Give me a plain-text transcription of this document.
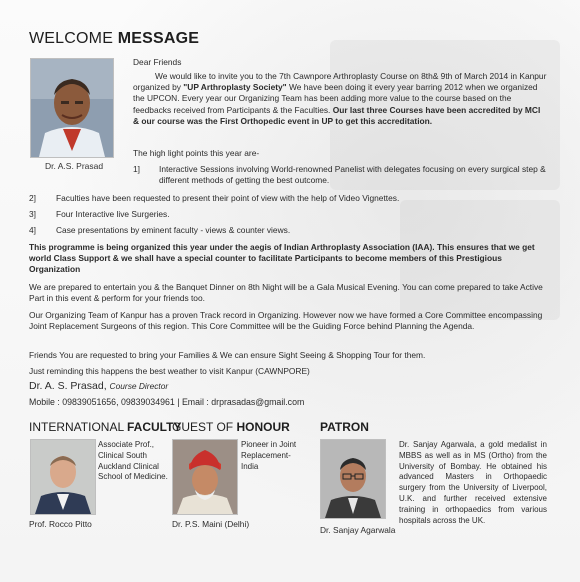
WELCOME MESSAGE
Dr. A.S. Prasad
Dear Friends
We would like to invite you to the 7th Cawnpore Arthroplasty Course on 8th& 9th of March 2014 in Kanpur organized by "UP Arthroplasty Society" We have been doing it every year barring 2012 when we organized the UPCON. Every year our Organizing Team has been adding more value to the course based on the feedbacks received from Participants & the Faculties. Our last three Courses have been accredited by MCI & our course was the First Orthopedic event in UP to get this accreditation.
The high light points this year are-
1] Interactive Sessions involving World-renowned Panelist with delegates focusing on every surgical step & different methods of getting the best outcome.
2] Faculties have been requested to present their point of view with the help of Video Vignettes.
3] Four Interactive live Surgeries.
4] Case presentations by eminent faculty - views & counter views.
This programme is being organized this year under the aegis of Indian Arthroplasty Association (IAA). This ensures that we get world Class Support & we shall have a special counter to facilitate Participants to become members of this Prestigious Organization
We are prepared to entertain you & the Banquet Dinner on 8th Night will be a Gala Musical Evening. You can come prepared to take Active Part in this event & perform for your friends too.
Our Organizing Team of Kanpur has a proven Track record in Organizing. However now we have formed a Core Committee encompassing Joint Replacement Surgeons of this region. This Core Committee will be the Guiding Force behind Planning the Agenda.
Friends You are requested to bring your Families & We can ensure Sight Seeing & Shopping Tour for them.
Just reminding this happens the best weather to visit Kanpur (CAWNPORE)
Dr. A. S. Prasad, Course Director
Mobile : 09839051656, 09839034961 | Email : drprasadas@gmail.com
INTERNATIONAL FACULTY
Associate Prof., Clinical South Auckland Clinical School of Medicine.
Prof. Rocco Pitto
GUEST OF HONOUR
Pioneer in Joint Replacement- India
Dr. P.S. Maini (Delhi)
PATRON
Dr. Sanjay Agarwala, a gold medalist in MBBS as well as in MS (Ortho) from the University of Bombay. He obtained his advanced Masters in Orthopaedic surgery from the University of Liverpool, U.K. and further received extensive training in orthopaedics from various hospitals across the UK.
Dr. Sanjay Agarwala
